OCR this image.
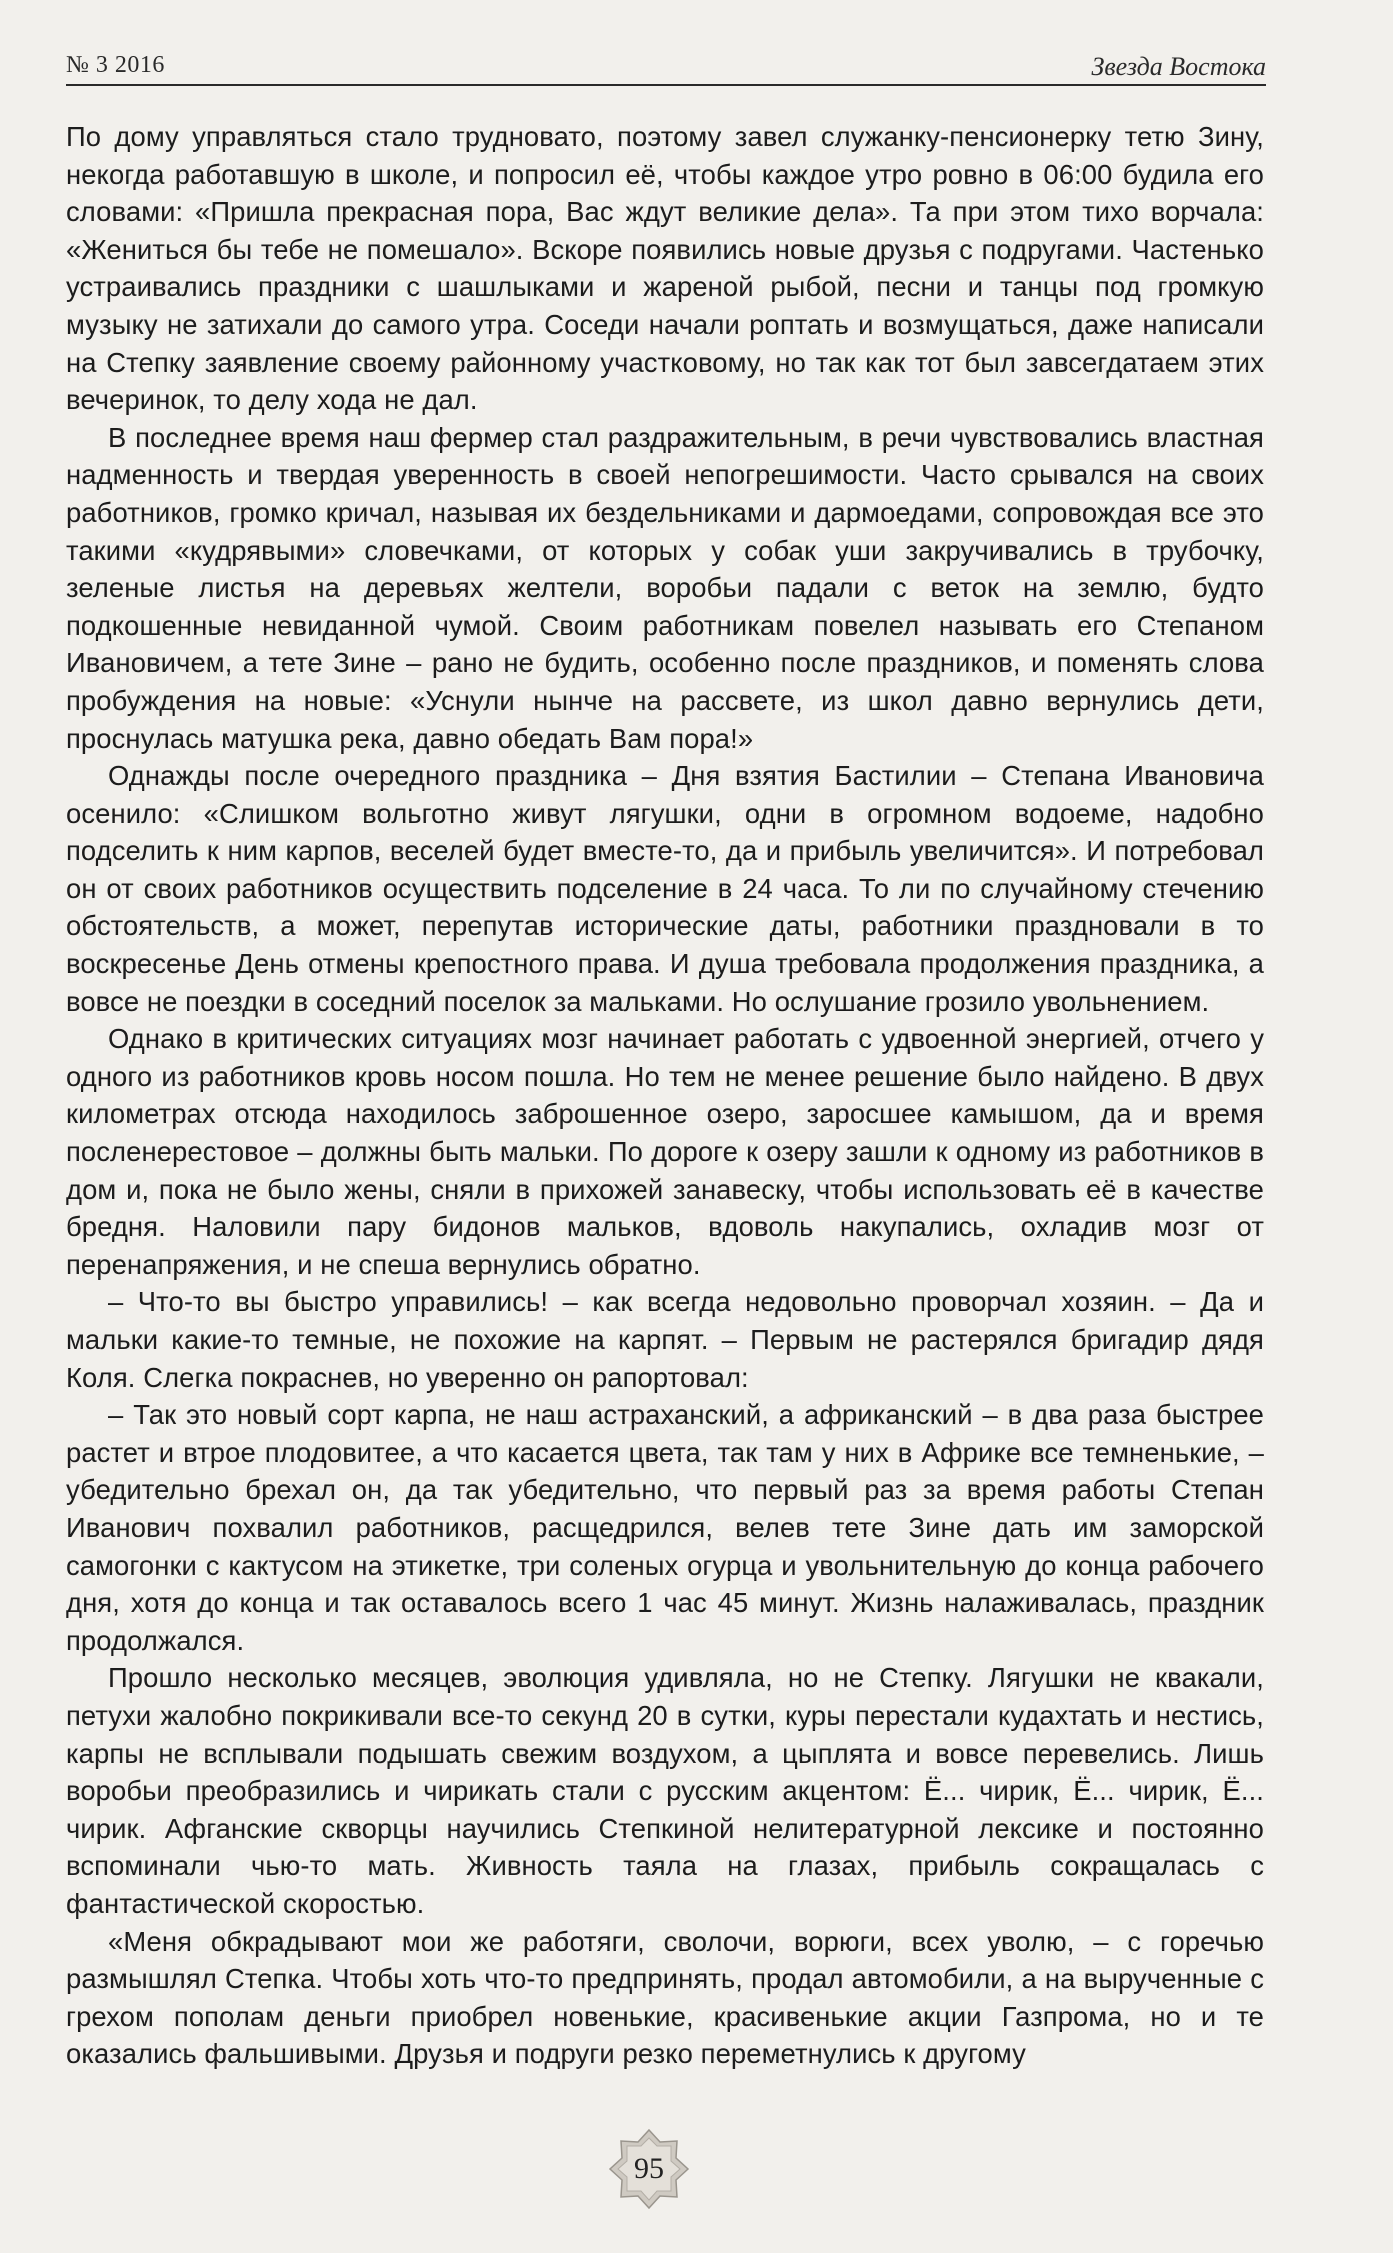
№ 3 2016	Звезда Востока

По дому управляться стало трудновато, поэтому завел служанку-пенсионерку тетю Зину, некогда работавшую в школе, и попросил её, чтобы каждое утро ровно в 06:00 будила его словами: «Пришла прекрасная пора, Вас ждут великие дела». Та при этом тихо ворчала: «Жениться бы тебе не помешало». Вскоре появились новые друзья с подругами. Частенько устраивались праздники с шашлыками и жареной рыбой, песни и танцы под громкую музыку не затихали до самого утра. Соседи начали роптать и возмущаться, даже написали на Степку заявление своему районному участковому, но так как тот был завсегдатаем этих вечеринок, то делу хода не дал.

В последнее время наш фермер стал раздражительным, в речи чувствовались властная надменность и твердая уверенность в своей непогрешимости. Часто срывался на своих работников, громко кричал, называя их бездельниками и дармоедами, сопровождая все это такими «кудрявыми» словечками, от которых у собак уши закручивались в трубочку, зеленые листья на деревьях желтели, воробьи падали с веток на землю, будто подкошенные невиданной чумой. Своим работникам повелел называть его Степаном Ивановичем, а тете Зине – рано не будить, особенно после праздников, и поменять слова пробуждения на новые: «Уснули нынче на рассвете, из школ давно вернулись дети, проснулась матушка река, давно обедать Вам пора!»

Однажды после очередного праздника – Дня взятия Бастилии – Степана Ивановича осенило: «Слишком вольготно живут лягушки, одни в огромном водоеме, надобно подселить к ним карпов, веселей будет вместе-то, да и прибыль увеличится». И потребовал он от своих работников осуществить подселение в 24 часа. То ли по случайному стечению обстоятельств, а может, перепутав исторические даты, работники праздновали в то воскресенье День отмены крепостного права. И душа требовала продолжения праздника, а вовсе не поездки в соседний поселок за мальками. Но ослушание грозило увольнением.

Однако в критических ситуациях мозг начинает работать с удвоенной энергией, отчего у одного из работников кровь носом пошла. Но тем не менее решение было найдено. В двух километрах отсюда находилось заброшенное озеро, заросшее камышом, да и время посленерестовое – должны быть мальки. По дороге к озеру зашли к одному из работников в дом и, пока не было жены, сняли в прихожей занавеску, чтобы использовать её в качестве бредня. Наловили пару бидонов мальков, вдоволь накупались, охладив мозг от перенапряжения, и не спеша вернулись обратно.

– Что-то вы быстро управились! – как всегда недовольно проворчал хозяин. – Да и мальки какие-то темные, не похожие на карпят. – Первым не растерялся бригадир дядя Коля. Слегка покраснев, но уверенно он рапортовал:

– Так это новый сорт карпа, не наш астраханский, а африканский – в два раза быстрее растет и втрое плодовитее, а что касается цвета, так там у них в Африке все темненькие, – убедительно брехал он, да так убедительно, что первый раз за время работы Степан Иванович похвалил работников, расщедрился, велев тете Зине дать им заморской самогонки с кактусом на этикетке, три соленых огурца и увольнительную до конца рабочего дня, хотя до конца и так оставалось всего 1 час 45 минут. Жизнь налаживалась, праздник продолжался.

Прошло несколько месяцев, эволюция удивляла, но не Степку. Лягушки не квакали, петухи жалобно покрикивали все-то секунд 20 в сутки, куры перестали кудахтать и нестись, карпы не всплывали подышать свежим воздухом, а цыплята и вовсе перевелись. Лишь воробьи преобразились и чирикать стали с русским акцентом: Ё... чирик, Ё... чирик, Ё... чирик. Афганские скворцы научились Степкиной нелитературной лексике и постоянно вспоминали чью-то мать. Живность таяла на глазах, прибыль сокращалась с фантастической скоростью.

«Меня обкрадывают мои же работяги, сволочи, ворюги, всех уволю, – с горечью размышлял Степка. Чтобы хоть что-то предпринять, продал автомобили, а на вырученные с грехом пополам деньги приобрел новенькие, красивенькие акции Газпрома, но и те оказались фальшивыми. Друзья и подруги резко переметнулись к другому

95
